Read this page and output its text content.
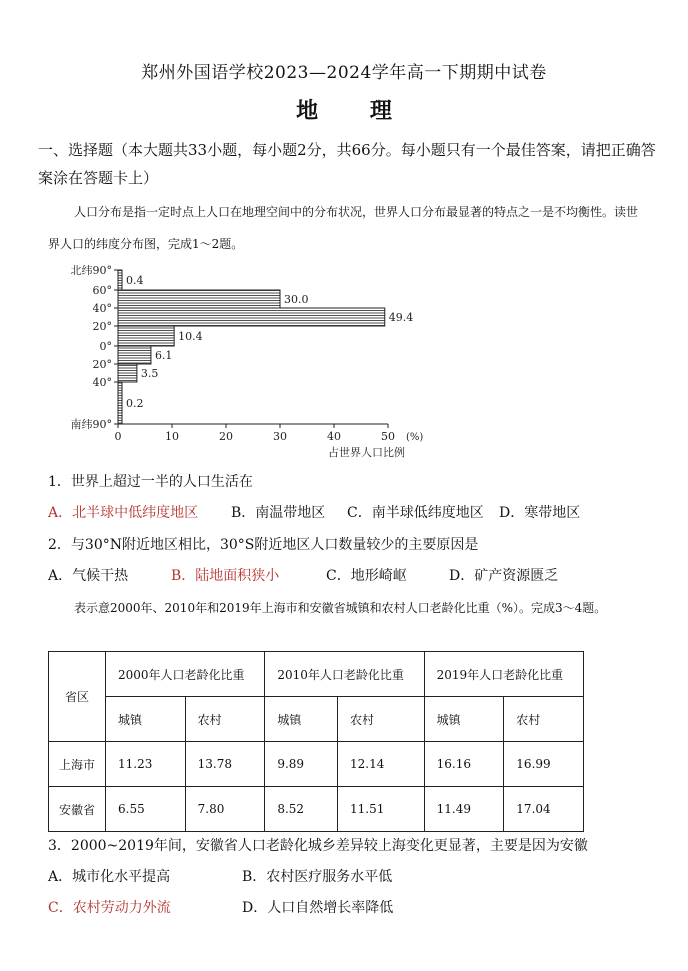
郑州外国语学校2023—2024学年高一下期期中试卷
地 理
一、选择题（本大题共33小题，每小题2分，共66分。每小题只有一个最佳答案，请把正确答案涂在答题卡上）
人口分布是指一定时点上人口在地理空间中的分布状况，世界人口分布最显著的特点之一是不均衡性。读世界人口的纬度分布图，完成1～2题。
北纬90°
60°
40°
20°
0°
20°
40°
南纬90°
0	10	20	30	40	50 (%)
占世界人口比例
0.4
30.0
49.4
10.4
6.1
3.5
0.2
1．世界上超过一半的人口生活在
A．北半球中低纬度地区 B．南温带地区 C．南半球低纬度地区 D．寒带地区
2．与30°N附近地区相比，30°S附近地区人口数量较少的主要原因是
A．气候干热	B．陆地面积狭小	C．地形崎岖	D．矿产资源匮乏
表示意2000年、2010年和2019年上海市和安徽省城镇和农村人口老龄化比重（%）。完成3～4题。
省区	2000年人口老龄化比重		2010年人口老龄化比重		2019年人口老龄化比重	
	城镇	农村	城镇	农村	城镇	农村
上海市	11.23	13.78	9.89	12.14	16.16	16.99
安徽省	6.55	7.80	8.52	11.51	11.49	17.04
3．2000~2019年间，安徽省人口老龄化城乡差异较上海变化更显著，主要是因为安徽
A．城市化水平提高	B．农村医疗服务水平低
C．农村劳动力外流	D．人口自然增长率降低
